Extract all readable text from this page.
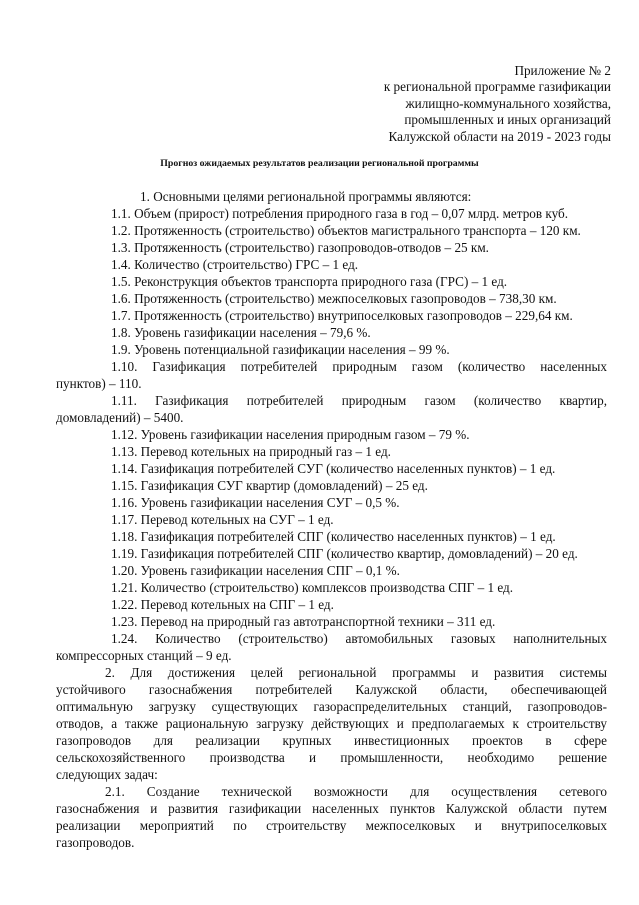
Приложение № 2
к региональной программе газификации
жилищно-коммунального хозяйства,
промышленных и иных организаций
Калужской области на 2019 - 2023 годы
Прогноз ожидаемых результатов реализации региональной программы
1. Основными целями региональной программы являются:
1.1. Объем (прирост) потребления природного газа в год – 0,07 млрд. метров куб.
1.2. Протяженность (строительство) объектов магистрального транспорта – 120 км.
1.3. Протяженность (строительство) газопроводов-отводов – 25 км.
1.4. Количество (строительство) ГРС – 1 ед.
1.5. Реконструкция объектов транспорта природного газа (ГРС) – 1 ед.
1.6. Протяженность (строительство) межпоселковых газопроводов – 738,30 км.
1.7. Протяженность (строительство) внутрипоселковых газопроводов – 229,64 км.
1.8. Уровень газификации населения – 79,6 %.
1.9. Уровень потенциальной газификации населения – 99 %.
1.10. Газификация потребителей природным газом (количество населенных
пунктов) – 110.
1.11. Газификация потребителей природным газом (количество квартир,
домовладений) – 5400.
1.12. Уровень газификации населения природным газом – 79 %.
1.13. Перевод котельных на природный газ – 1 ед.
1.14. Газификация потребителей СУГ (количество населенных пунктов) – 1 ед.
1.15. Газификация СУГ квартир (домовладений) – 25 ед.
1.16. Уровень газификации населения СУГ – 0,5 %.
1.17. Перевод котельных на СУГ – 1 ед.
1.18. Газификация потребителей СПГ (количество населенных пунктов) – 1 ед.
1.19. Газификация потребителей СПГ (количество квартир, домовладений) – 20 ед.
1.20. Уровень газификации населения СПГ – 0,1 %.
1.21. Количество (строительство) комплексов производства СПГ – 1 ед.
1.22. Перевод котельных на СПГ – 1 ед.
1.23. Перевод на природный газ автотранспортной техники – 311 ед.
1.24. Количество (строительство) автомобильных газовых наполнительных
компрессорных станций – 9 ед.
2. Для достижения целей региональной программы и развития системы
устойчивого газоснабжения потребителей Калужской области, обеспечивающей
оптимальную загрузку существующих газораспределительных станций, газопроводов-
отводов, а также рациональную загрузку действующих и предполагаемых к строительству
газопроводов для реализации крупных инвестиционных проектов в сфере
сельскохозяйственного производства и промышленности, необходимо решение
следующих задач:
2.1. Создание технической возможности для осуществления сетевого
газоснабжения и развития газификации населенных пунктов Калужской области путем
реализации мероприятий по строительству межпоселковых и внутрипоселковых
газопроводов.
